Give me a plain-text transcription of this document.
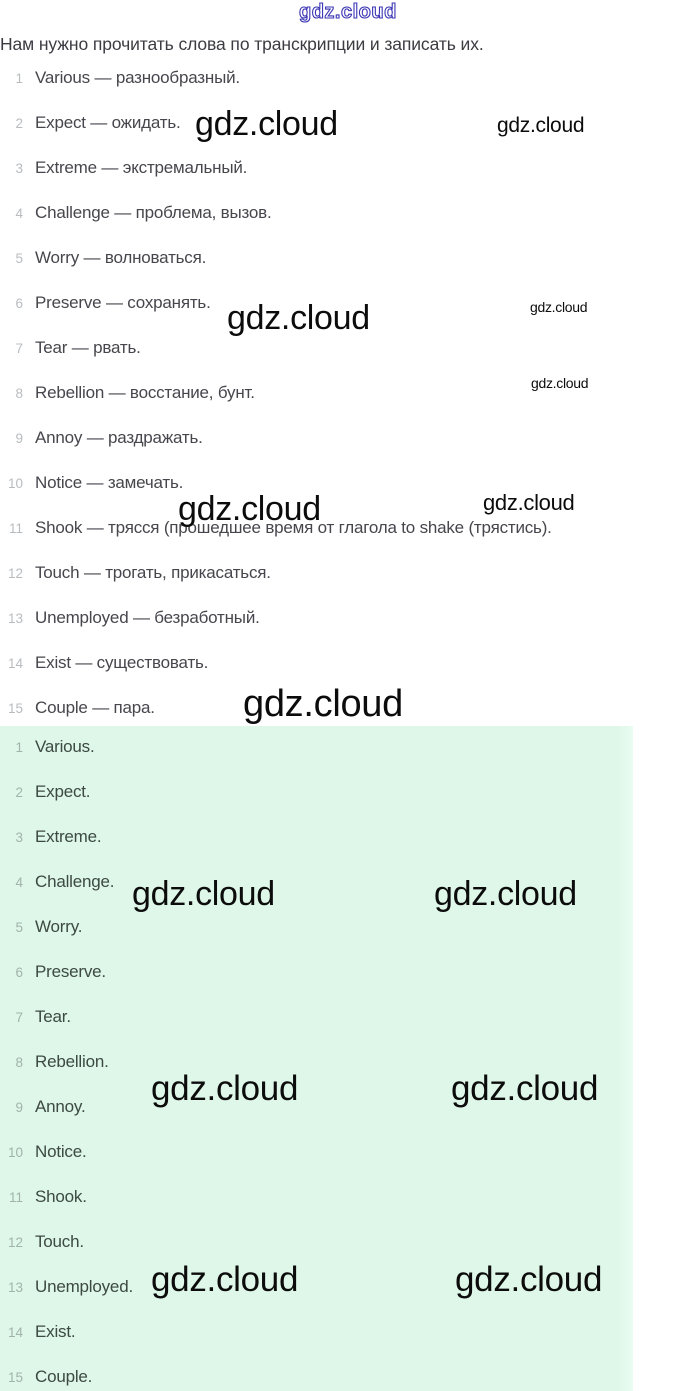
gdz.cloud
Нам нужно прочитать слова по транскрипции и записать их.
1 Various — разнообразный.
2 Expect — ожидать.
3 Extreme — экстремальный.
4 Challenge — проблема, вызов.
5 Worry — волноваться.
6 Preserve — сохранять.
7 Tear — рвать.
8 Rebellion — восстание, бунт.
9 Annoy — раздражать.
10 Notice — замечать.
11 Shook — трясся (прошедшее время от глагола to shake (трястись).
12 Touch — трогать, прикасаться.
13 Unemployed — безработный.
14 Exist — существовать.
15 Couple — пара.
1 Various.
2 Expect.
3 Extreme.
4 Challenge.
5 Worry.
6 Preserve.
7 Tear.
8 Rebellion.
9 Annoy.
10 Notice.
11 Shook.
12 Touch.
13 Unemployed.
14 Exist.
15 Couple.
gdz.cloud	gdz.cloud
gdz.cloud	gdz.cloud
gdz.cloud
gdz.cloud	gdz.cloud
gdz.cloud
gdz.cloud	gdz.cloud
gdz.cloud	gdz.cloud
gdz.cloud	gdz.cloud
